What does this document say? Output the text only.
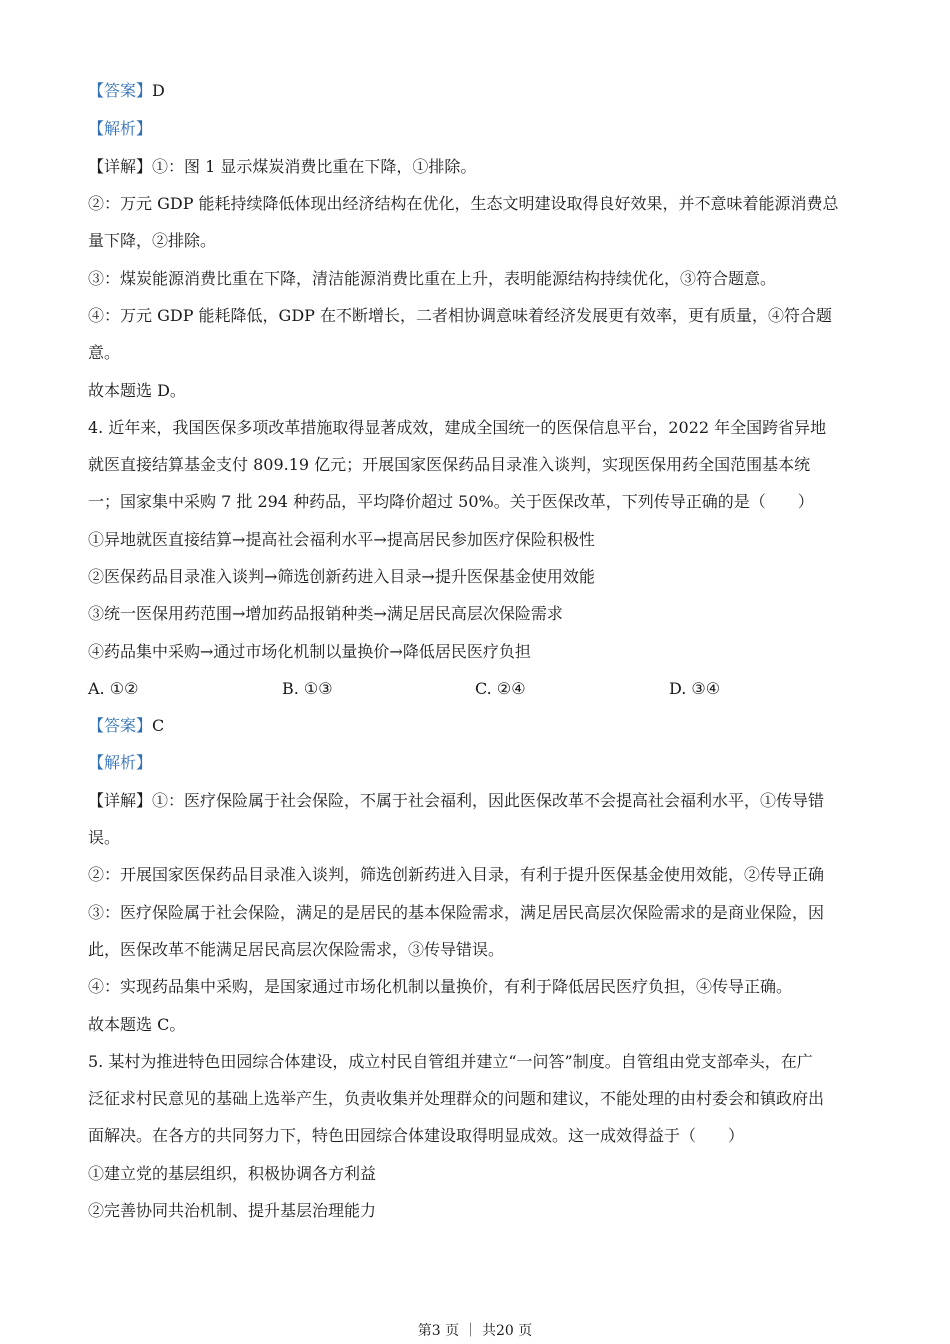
【答案】D
【解析】
【详解】①：图 1 显示煤炭消费比重在下降，①排除。
②：万元 GDP 能耗持续降低体现出经济结构在优化，生态文明建设取得良好效果，并不意味着能源消费总
量下降，②排除。
③：煤炭能源消费比重在下降，清洁能源消费比重在上升，表明能源结构持续优化，③符合题意。
④：万元 GDP 能耗降低，GDP 在不断增长，二者相协调意味着经济发展更有效率，更有质量，④符合题
意。
故本题选 D。
4. 近年来，我国医保多项改革措施取得显著成效，建成全国统一的医保信息平台，2022 年全国跨省异地
就医直接结算基金支付 809.19 亿元；开展国家医保药品目录准入谈判，实现医保用药全国范围基本统
一；国家集中采购 7 批 294 种药品，平均降价超过 50%。关于医保改革，下列传导正确的是（　　）
①异地就医直接结算→提高社会福利水平→提高居民参加医疗保险积极性
②医保药品目录准入谈判→筛选创新药进入目录→提升医保基金使用效能
③统一医保用药范围→增加药品报销种类→满足居民高层次保险需求
④药品集中采购→通过市场化机制以量换价→降低居民医疗负担
A. ①②	B. ①③	C. ②④	D. ③④
【答案】C
【解析】
【详解】①：医疗保险属于社会保险，不属于社会福利，因此医保改革不会提高社会福利水平，①传导错
误。
②：开展国家医保药品目录准入谈判，筛选创新药进入目录，有利于提升医保基金使用效能，②传导正确
③：医疗保险属于社会保险，满足的是居民的基本保险需求，满足居民高层次保险需求的是商业保险，因
此，医保改革不能满足居民高层次保险需求，③传导错误。
④：实现药品集中采购，是国家通过市场化机制以量换价，有利于降低居民医疗负担，④传导正确。
故本题选 C。
5. 某村为推进特色田园综合体建设，成立村民自管组并建立“一问答”制度。自管组由党支部牵头，在广
泛征求村民意见的基础上选举产生，负责收集并处理群众的问题和建议，不能处理的由村委会和镇政府出
面解决。在各方的共同努力下，特色田园综合体建设取得明显成效。这一成效得益于（　　）
①建立党的基层组织，积极协调各方利益
②完善协同共治机制、提升基层治理能力
第3 页 ｜ 共20 页
